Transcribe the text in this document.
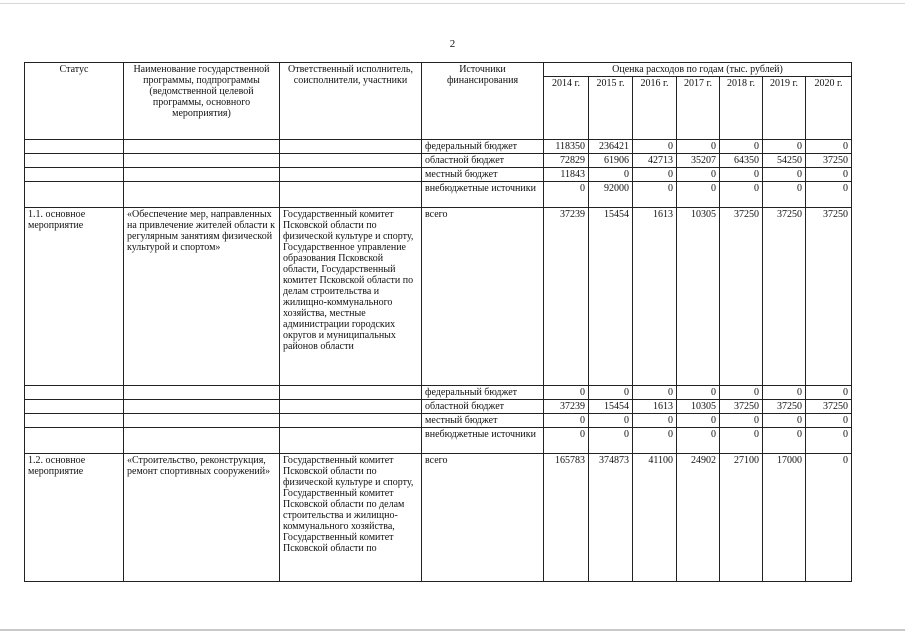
2
Статус	Наименование государственной программы, подпрограммы (ведомственной целевой программы, основного мероприятия)	Ответственный исполнитель, соисполнители, участники	Источники финансирования	Оценка расходов по годам (тыс. рублей)						
				2014 г.	2015 г.	2016 г.	2017 г.	2018 г.	2019 г.	2020 г.
			федеральный бюджет	118350	236421	0	0	0	0	0
			областной бюджет	72829	61906	42713	35207	64350	54250	37250
			местный бюджет	11843	0	0	0	0	0	0
			внебюджетные источники	0	92000	0	0	0	0	0
1.1. основное мероприятие	«Обеспечение мер, направленных на привлечение жителей области к регулярным занятиям физической культурой и спортом»	Государственный комитет Псковской области по физической культуре и спорту, Государственное управление образования Псковской области, Государственный комитет Псковской области по делам строительства и жилищно-коммунального хозяйства, местные администрации городских округов и муниципальных районов области	всего	37239	15454	1613	10305	37250	37250	37250
			федеральный бюджет	0	0	0	0	0	0	0
			областной бюджет	37239	15454	1613	10305	37250	37250	37250
			местный бюджет	0	0	0	0	0	0	0
			внебюджетные источники	0	0	0	0	0	0	0
1.2. основное мероприятие	«Строительство, реконструкция, ремонт спортивных сооружений»	Государственный комитет Псковской области по физической культуре и спорту, Государственный комитет Псковской области по делам строительства и жилищно-коммунального хозяйства, Государственный комитет Псковской области по	всего	165783	374873	41100	24902	27100	17000	0
